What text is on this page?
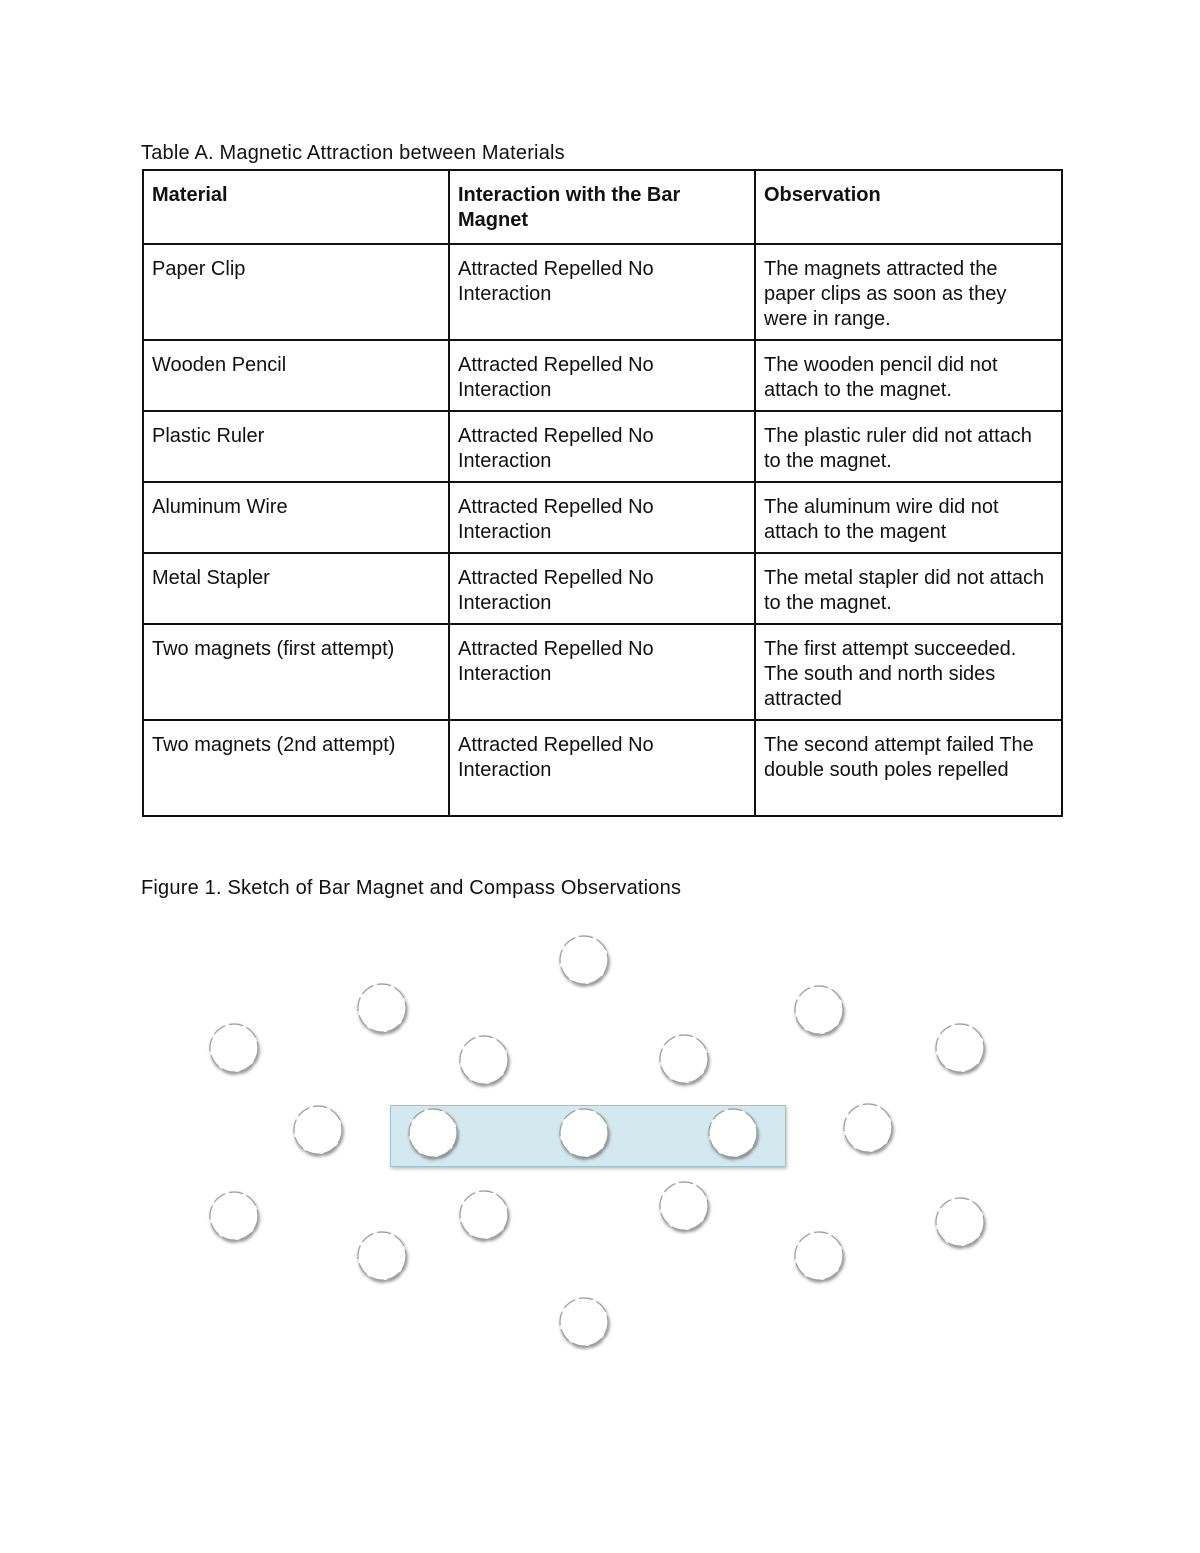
Table A. Magnetic Attraction between Materials
Material	Interaction with the Bar Magnet	Observation
Paper Clip	Attracted Repelled No Interaction	The magnets attracted the paper clips as soon as they were in range.
Wooden Pencil	Attracted Repelled No Interaction	The wooden pencil did not attach to the magnet.
Plastic Ruler	Attracted Repelled No Interaction	The plastic ruler did not attach to the magnet.
Aluminum Wire	Attracted Repelled No Interaction	The aluminum wire did not attach to the magent
Metal Stapler	Attracted Repelled No Interaction	The metal stapler did not attach to the magnet.
Two magnets (first attempt)	Attracted Repelled No Interaction	The first attempt succeeded. The south and north sides attracted
Two magnets (2nd attempt)	Attracted Repelled No Interaction	The second attempt failed The double south poles repelled
Figure 1. Sketch of Bar Magnet and Compass Observations
